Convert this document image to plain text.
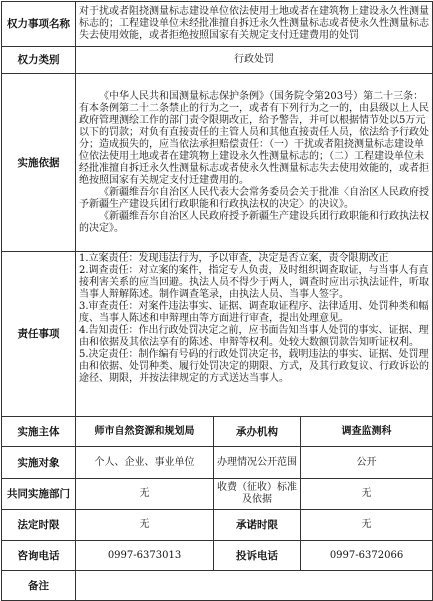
权力事项名称	对于扰或者阻挠测量标志建设单位依法使用土地或者在建筑物上建设永久性测量标志的；工程建设单位未经批准擅自拆迁永久性测量标志或者使永久性测量标志失去使用效能，或者拒绝按照国家有关规定支付迁建费用的处罚		
权力类别	行政处罚		
实施依据	《中华人民共和国测量标志保护条例》（国务院令第203号）第二十三条：有本条例第二十二条禁止的行为之一，或者有下列行为之一的，由县级以上人民政府管理测绘工作的部门责令限期改正，给予警告，并可以根据情节处以5万元以下的罚款；对负有直接责任的主管人员和其他直接责任人员，依法给予行政处分；造成损失的，应当依法承担赔偿责任：（一）干扰或者阻挠测量标志建设单位依法使用土地或者在建筑物上建设永久性测量标志的；（二）工程建设单位未经批准擅自拆迁永久性测量标志或者使永久性测量标志失去使用效能的，或者拒绝按照国家有关规定支付迁建费用的。

《新疆维吾尔自治区人民代表大会常务委员会关于批准〈自治区人民政府授予新疆生产建设兵团行政职能和行政执法权的决定〉的决议》。

《新疆维吾尔自治区人民政府授予新疆生产建设兵团行政职能和行政执法权的决定》。		

责任事项	1.立案责任：发现违法行为，予以审查，决定是否立案，责令限期改正

2.调查责任：对立案的案件，指定专人负责，及时组织调查取证，与当事人有直接利害关系的应当回避。执法人员不得少于两人，调查时应出示执法证件，听取当事人辩解陈述。制作调查笔录，由执法人员、当事人签字。

3.审查责任：对案件违法事实、证据、调查取证程序、法律适用、处罚种类和幅度、当事人陈述和申辩理由等方面进行审查，提出处理意见。

4.告知责任：作出行政处罚决定之前，应书面告知当事人处罚的事实、证据、理由和依据及其依法享有的陈述、申辩等权利。处较大数额罚款告知听证权利。

5.决定责任：制作编有号码的行政处罚决定书，载明违法的事实、证据、处罚理由和依据、处罚种类、履行处罚决定的期限、方式，及其行政复议、行政诉讼的途径、期限，并按法律规定的方式送达当事人。		

实施主体	师市自然资源和规划局	承办机构	调查监测科
实施对象	个人、企业、事业单位	办理情况公开范围	公开
共同实施部门	无	收费（征收）标准及依据	无
法定时限	无	承诺时限	无
咨询电话	0997-6373013	投诉电话	0997-6372066
备注			
